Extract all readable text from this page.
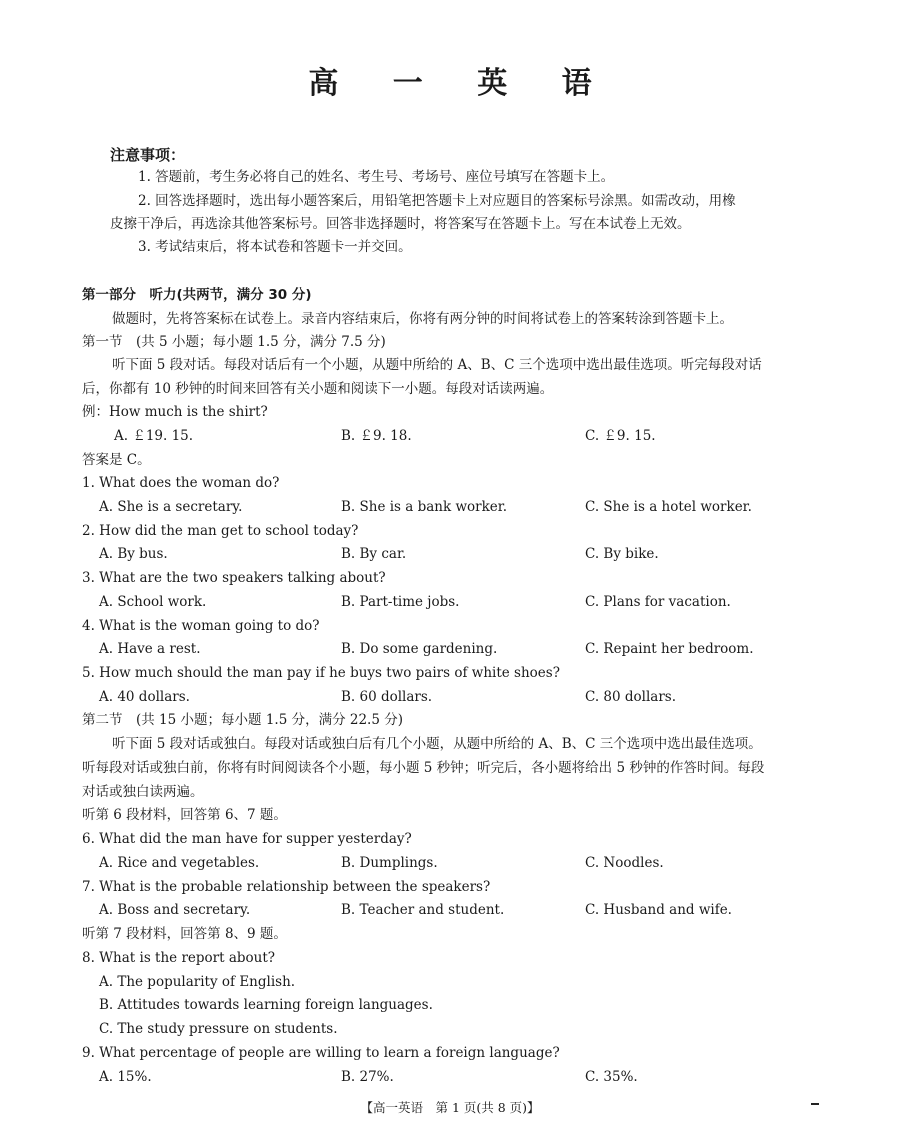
高 一 英 语
注意事项：
1. 答题前，考生务必将自己的姓名、考生号、考场号、座位号填写在答题卡上。
2. 回答选择题时，选出每小题答案后，用铅笔把答题卡上对应题目的答案标号涂黑。如需改动，用橡
皮擦干净后，再选涂其他答案标号。回答非选择题时，将答案写在答题卡上。写在本试卷上无效。
3. 考试结束后，将本试卷和答题卡一并交回。
第一部分　听力(共两节，满分 30 分)
做题时，先将答案标在试卷上。录音内容结束后，你将有两分钟的时间将试卷上的答案转涂到答题卡上。
第一节　(共 5 小题；每小题 1.5 分，满分 7.5 分)
听下面 5 段对话。每段对话后有一个小题，从题中所给的 A、B、C 三个选项中选出最佳选项。听完每段对话
后，你都有 10 秒钟的时间来回答有关小题和阅读下一小题。每段对话读两遍。
例：How much is the shirt?
A. ￡19. 15.	B. ￡9. 18.	C. ￡9. 15.
答案是 C。
1. What does the woman do?
A. She is a secretary.	B. She is a bank worker.	C. She is a hotel worker.
2. How did the man get to school today?
A. By bus.	B. By car.	C. By bike.
3. What are the two speakers talking about?
A. School work.	B. Part-time jobs.	C. Plans for vacation.
4. What is the woman going to do?
A. Have a rest.	B. Do some gardening.	C. Repaint her bedroom.
5. How much should the man pay if he buys two pairs of white shoes?
A. 40 dollars.	B. 60 dollars.	C. 80 dollars.
第二节　(共 15 小题；每小题 1.5 分，满分 22.5 分)
听下面 5 段对话或独白。每段对话或独白后有几个小题，从题中所给的 A、B、C 三个选项中选出最佳选项。
听每段对话或独白前，你将有时间阅读各个小题，每小题 5 秒钟；听完后，各小题将给出 5 秒钟的作答时间。每段
对话或独白读两遍。
听第 6 段材料，回答第 6、7 题。
6. What did the man have for supper yesterday?
A. Rice and vegetables.	B. Dumplings.	C. Noodles.
7. What is the probable relationship between the speakers?
A. Boss and secretary.	B. Teacher and student.	C. Husband and wife.
听第 7 段材料，回答第 8、9 题。
8. What is the report about?
A. The popularity of English.
B. Attitudes towards learning foreign languages.
C. The study pressure on students.
9. What percentage of people are willing to learn a foreign language?
A. 15%.	B. 27%.	C. 35%.
【高一英语　第 1 页(共 8 页)】
